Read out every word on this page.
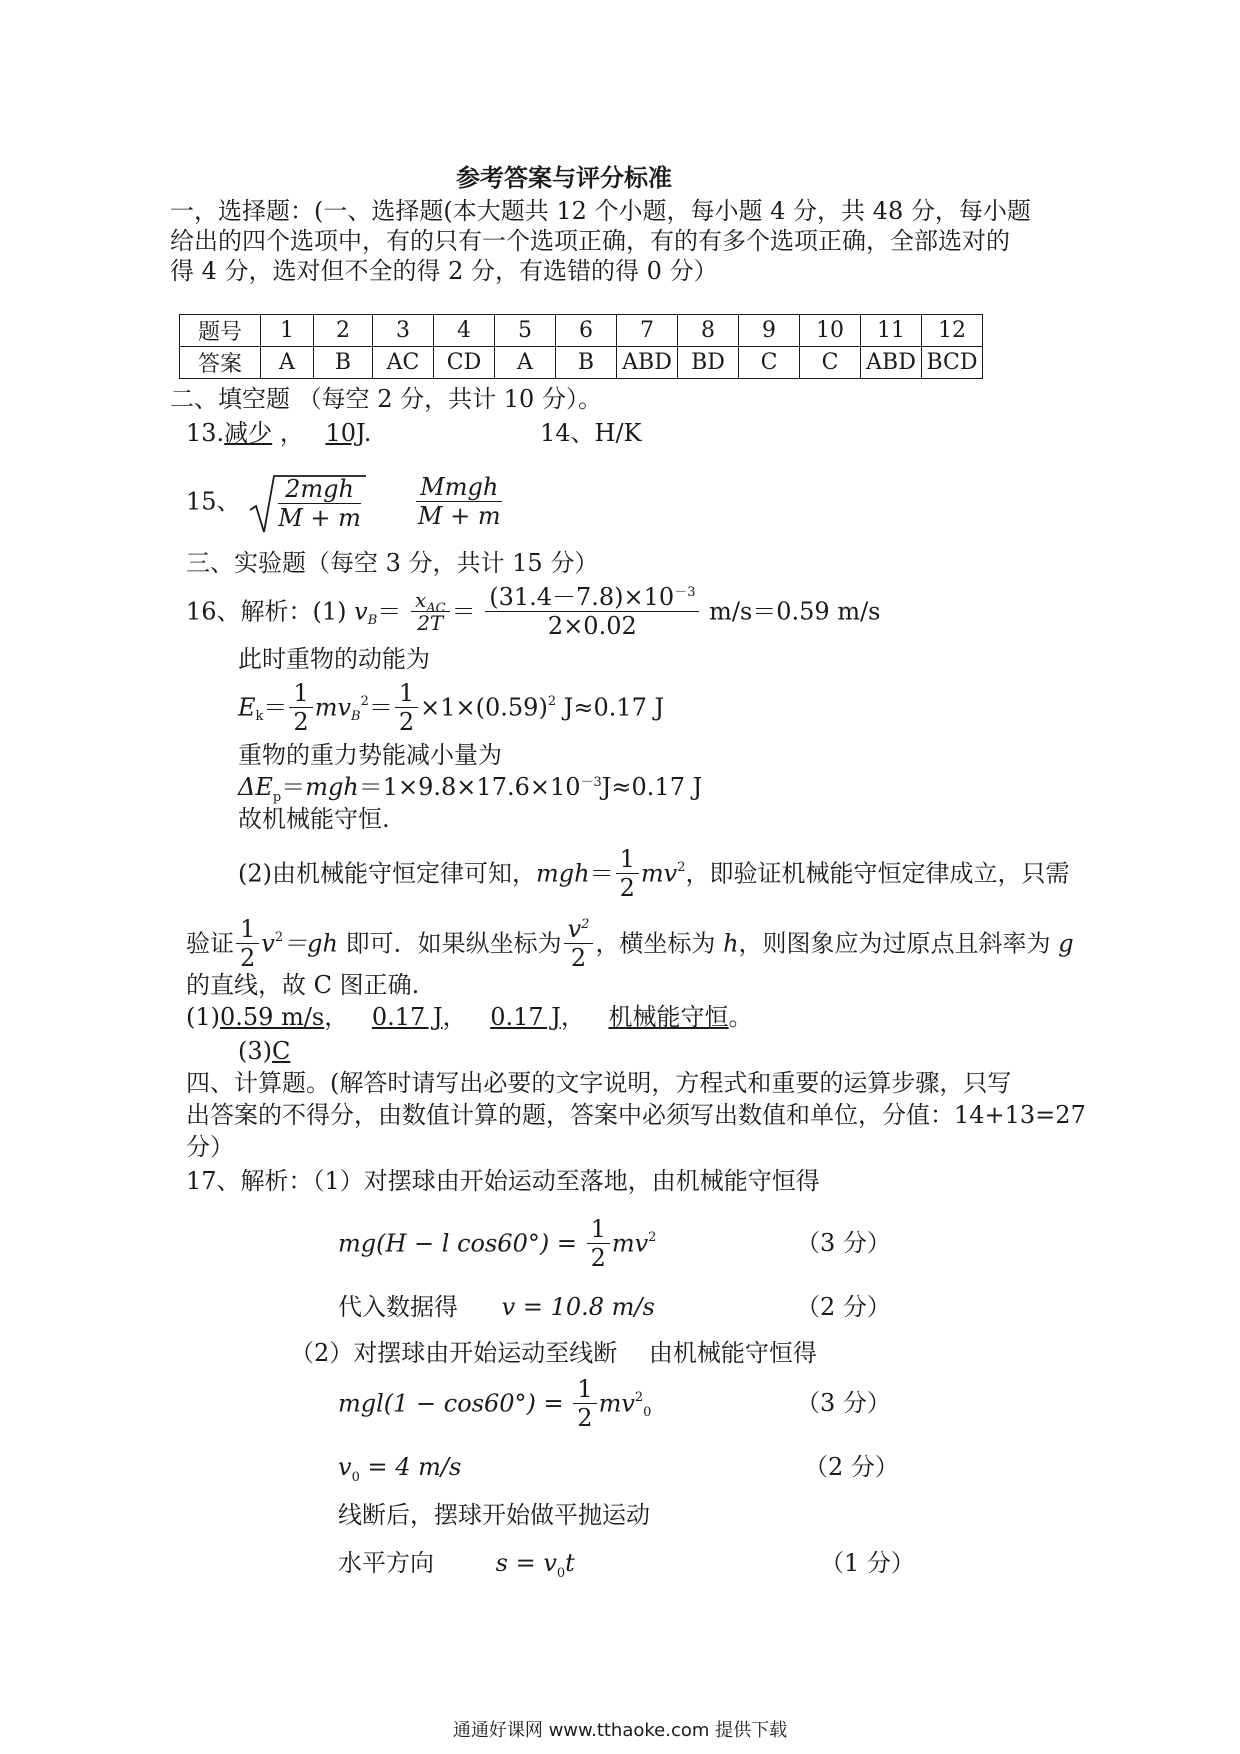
参考答案与评分标准
一，选择题：(一、选择题(本大题共 12 个小题，每小题 4 分，共 48 分，每小题
给出的四个选项中，有的只有一个选项正确，有的有多个选项正确，全部选对的
得 4 分，选对但不全的得 2 分，有选错的得 0 分）
题号	1	2	3	4	5	6	7	8	9	10	11	12
答案	A	B	AC	CD	A	B	ABD	BD	C	C	ABD	BCD
二、填空题 （每空 2 分，共计 10 分）。
13.减少 ， 10J.	14、H/K
15、 $\frac{\text{2mgh}}{M + m}$
$\frac{\text{Mmgh}}{M + m}$
三、实验题（每空 3 分，共计 15 分）
16、解析：(1) $v_B= \frac{x_{AC}}{2T} = \frac{(31.4-7.8)\times 10^{-3}}{2\times 0.02} m/s=0.59$ m/s
此时重物的动能为
$E_k= \frac{1}{2} mv_B^2= \frac{1}{2} \times 1\times(0.59)^2$ J≈0.17 J
重物的重力势能减小量为
$\Delta E_p=mgh=1\times 9.8\times 17.6\times 10^{-3}J\approx 0.17$ J
故机械能守恒.
(2)由机械能守恒定律可知，$mgh= \frac{1}{2} mv^2$，即验证机械能守恒定律成立，只需
验证 $\frac{1}{2} v^2=gh$ 即可．如果纵坐标为 $\frac{v^2}{2}$ ，横坐标为 h，则图象应为过原点且斜率为 g
的直线，故 C 图正确.
(1)0.59 m/s， 0.17 J， 0.17 J， 机械能守恒。
(3)C
四、计算题。(解答时请写出必要的文字说明，方程式和重要的运算步骤，只写
出答案的不得分，由数值计算的题，答案中必须写出数值和单位，分值：14+13=27
分）
17、解析：（1）对摆球由开始运动至落地，由机械能守恒得
mg(H − l $\cos 60^\circ) = \frac{1}{2} mv^2$	（3 分）
代入数据得 v = 10.8 m/s	（2 分）
（2）对摆球由开始运动至线断　 由机械能守恒得
$mgl(1 - \cos 60^\circ) = \frac{1}{2} mv^2_0$	（3 分）
$v_0 = 4$ m/s	（2 分）
线断后，摆球开始做平抛运动
水平方向	$s = v_0t$	（1 分）
通通好课网 www.tthaoke.com 提供下载
